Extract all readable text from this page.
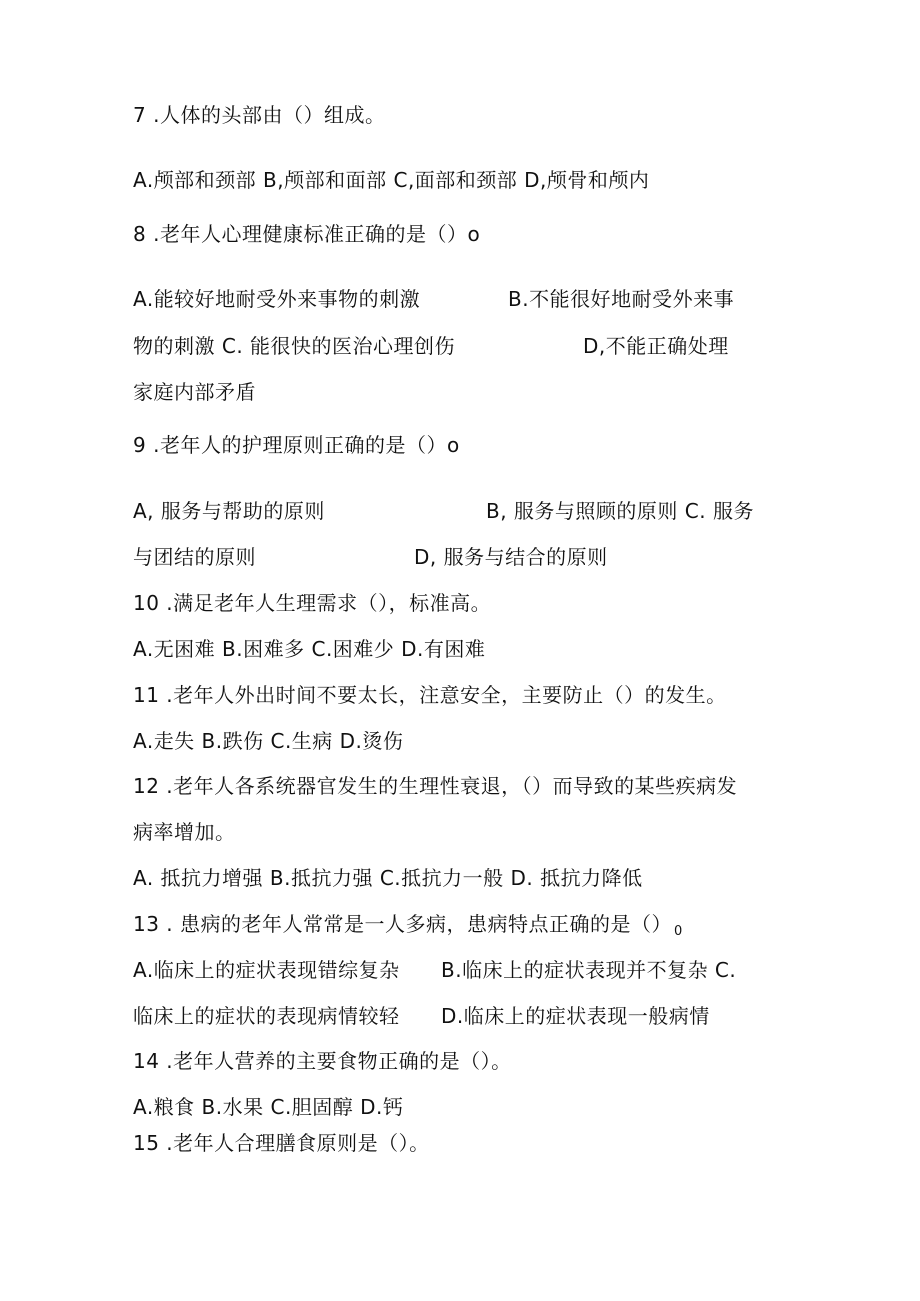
7 .人体的头部由（）组成。
A.颅部和颈部 B,颅部和面部 C,面部和颈部 D,颅骨和颅内
8 .老年人心理健康标准正确的是（）o
A.能较好地耐受外来事物的刺激	B.不能很好地耐受外来事
物的刺激 C. 能很快的医治心理创伤	D,不能正确处理
家庭内部矛盾
9 .老年人的护理原则正确的是（）o
A, 服务与帮助的原则	B, 服务与照顾的原则 C. 服务
与团结的原则	D, 服务与结合的原则
10 .满足老年人生理需求（），标准高。
A.无困难 B.困难多 C.困难少 D.有困难
11 .老年人外出时间不要太长，注意安全，主要防止（）的发生。
A.走失 B.跌伤 C.生病 D.烫伤
12 .老年人各系统器官发生的生理性衰退，（）而导致的某些疾病发
病率增加。
A. 抵抗力增强 B.抵抗力强 C.抵抗力一般 D. 抵抗力降低
13 . 患病的老年人常常是一人多病，患病特点正确的是（） $_0$
A.临床上的症状表现错综复杂 B.临床上的症状表现并不复杂 C.
临床上的症状的表现病情较轻 D.临床上的症状表现一般病情
14 .老年人营养的主要食物正确的是（）。
A.粮食 B.水果 C.胆固醇 D.钙
15 .老年人合理膳食原则是（）。
